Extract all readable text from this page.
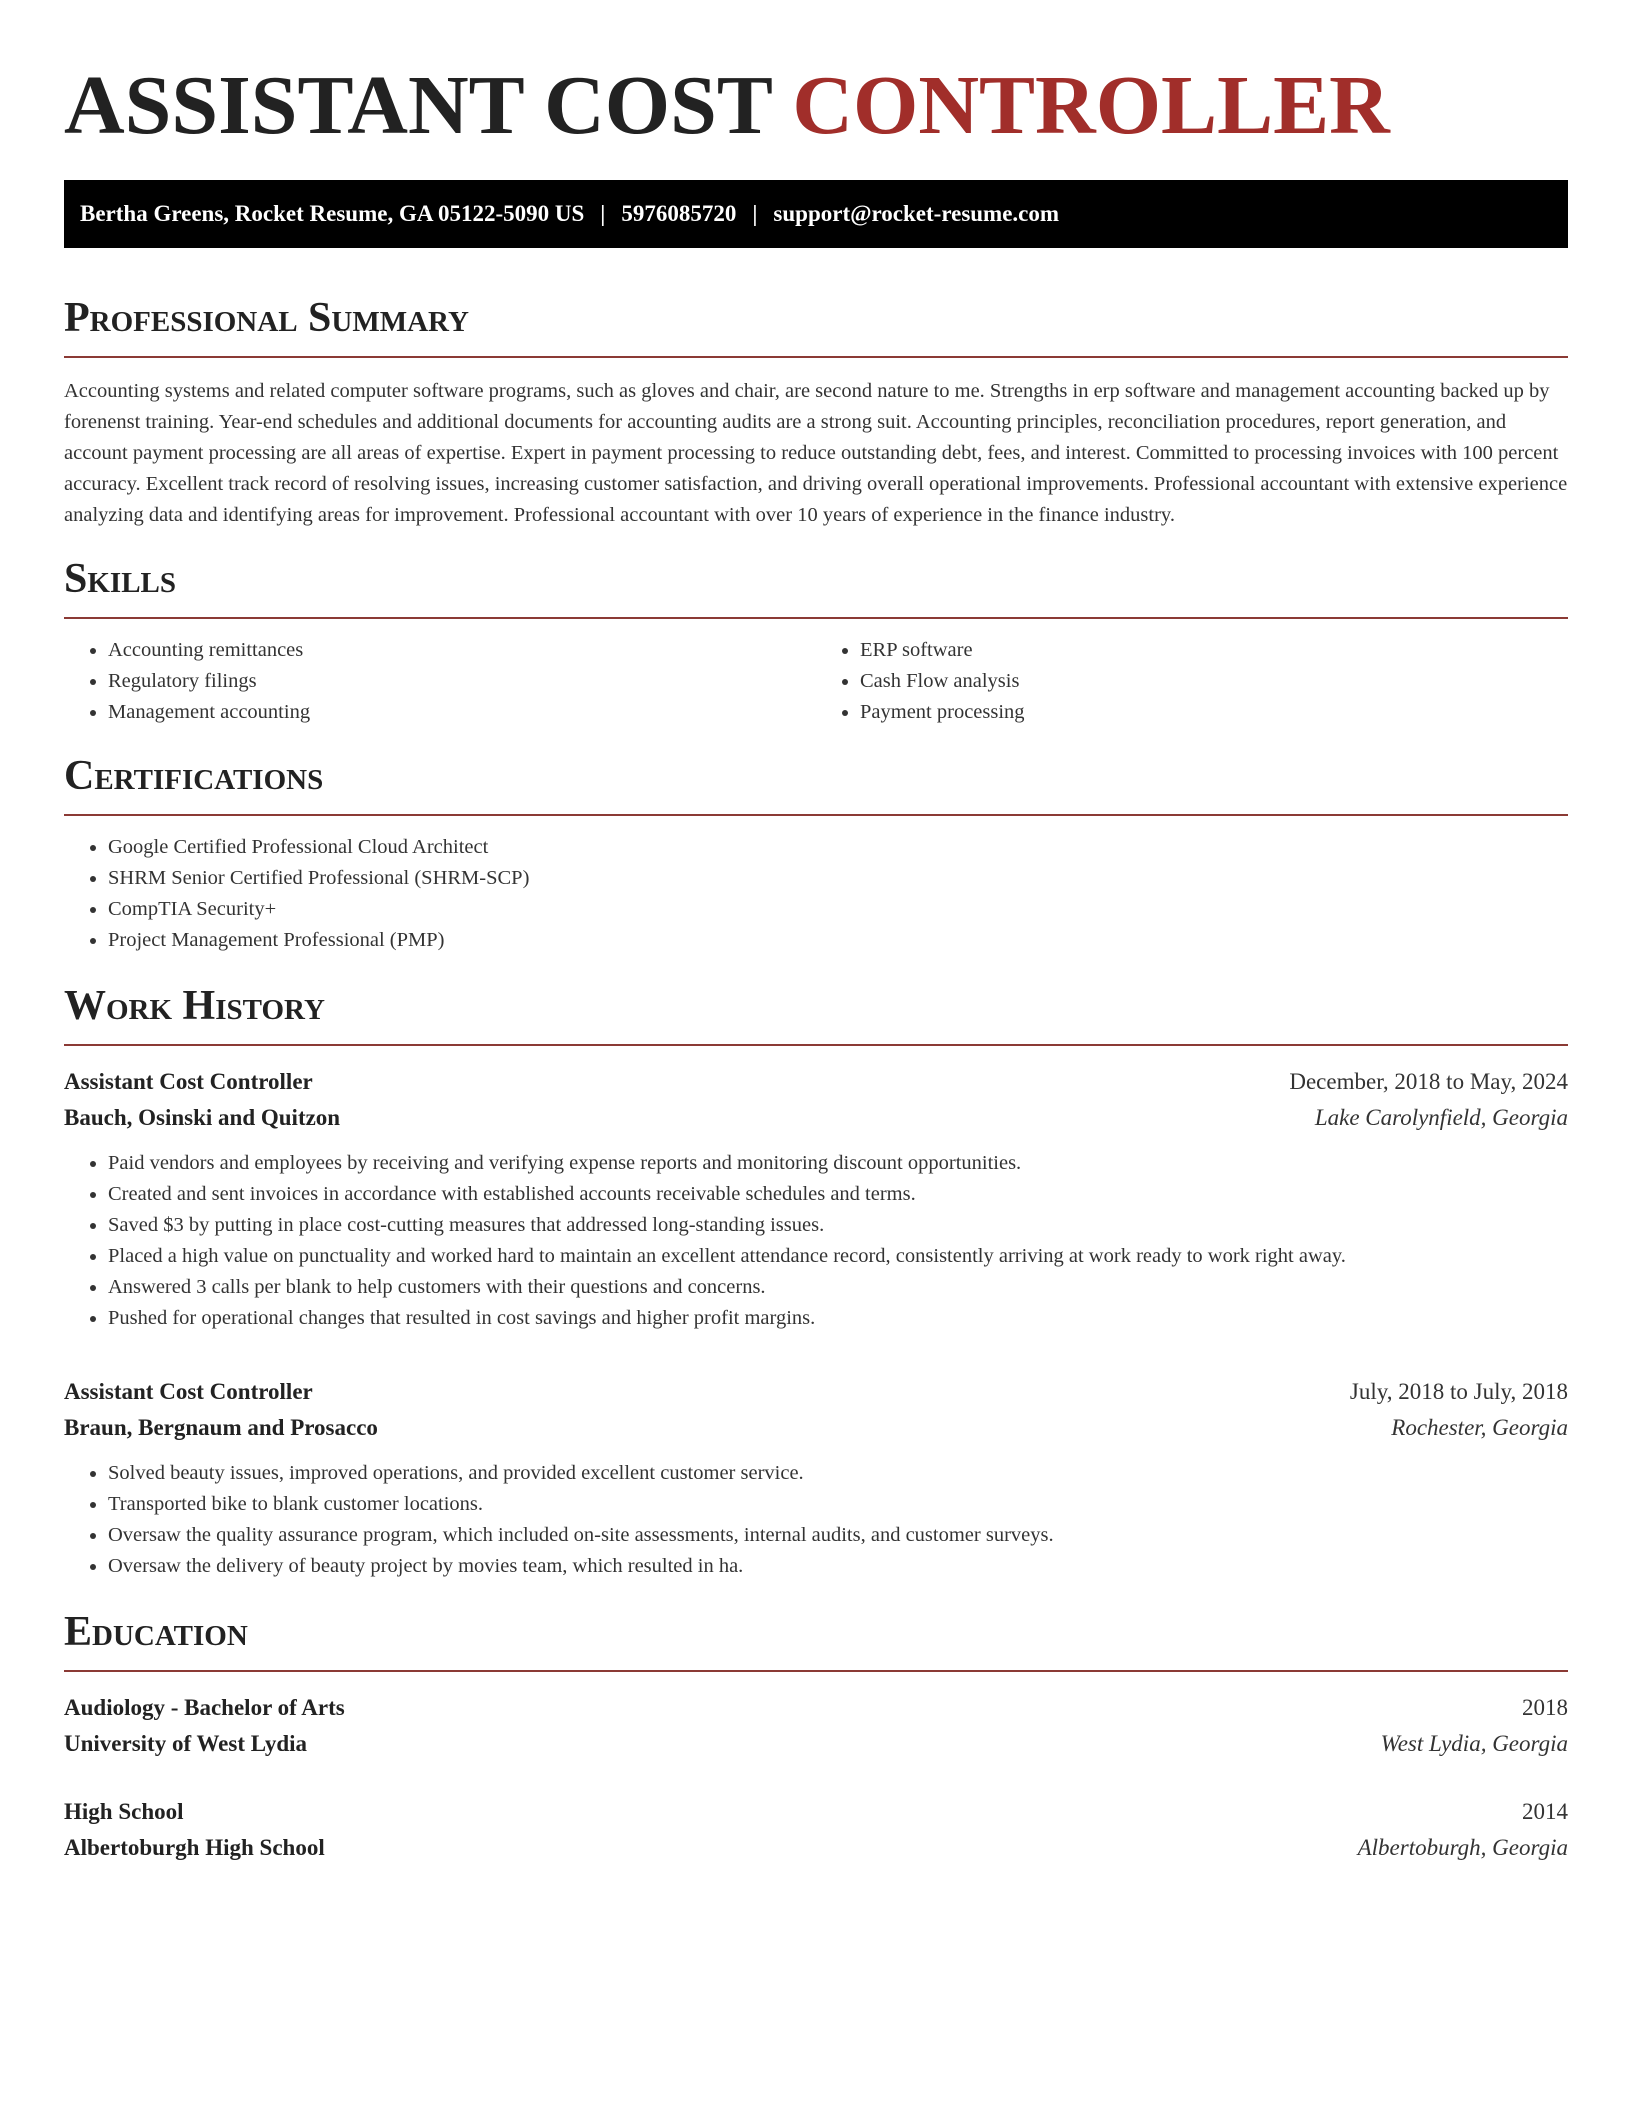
ASSISTANT COST CONTROLLER
Bertha Greens, Rocket Resume, GA 05122-5090 US | 5976085720 | support@rocket-resume.com
Professional Summary

Accounting systems and related computer software programs, such as gloves and chair, are second nature to me. Strengths in erp software and management accounting backed up by forenenst training. Year-end schedules and additional documents for accounting audits are a strong suit. Accounting principles, reconciliation procedures, report generation, and account payment processing are all areas of expertise. Expert in payment processing to reduce outstanding debt, fees, and interest. Committed to processing invoices with 100 percent accuracy. Excellent track record of resolving issues, increasing customer satisfaction, and driving overall operational improvements. Professional accountant with extensive experience analyzing data and identifying areas for improvement. Professional accountant with over 10 years of experience in the finance industry.

Skills
• Accounting remittances
• Regulatory filings
• Management accounting
• ERP software
• Cash Flow analysis
• Payment processing
Certifications
• Google Certified Professional Cloud Architect
• SHRM Senior Certified Professional (SHRM-SCP)
• CompTIA Security+
• Project Management Professional (PMP)
Work History
Assistant Cost Controller	December, 2018 to May, 2024
Bauch, Osinski and Quitzon	Lake Carolynfield, Georgia
• Paid vendors and employees by receiving and verifying expense reports and monitoring discount opportunities.
• Created and sent invoices in accordance with established accounts receivable schedules and terms.
• Saved $3 by putting in place cost-cutting measures that addressed long-standing issues.
• Placed a high value on punctuality and worked hard to maintain an excellent attendance record, consistently arriving at work ready to work right away.
• Answered 3 calls per blank to help customers with their questions and concerns.
• Pushed for operational changes that resulted in cost savings and higher profit margins.
Assistant Cost Controller	July, 2018 to July, 2018
Braun, Bergnaum and Prosacco	Rochester, Georgia
• Solved beauty issues, improved operations, and provided excellent customer service.
• Transported bike to blank customer locations.
• Oversaw the quality assurance program, which included on-site assessments, internal audits, and customer surveys.
• Oversaw the delivery of beauty project by movies team, which resulted in ha.
Education
Audiology - Bachelor of Arts	2018
University of West Lydia	West Lydia, Georgia
High School	2014
Albertoburgh High School	Albertoburgh, Georgia
